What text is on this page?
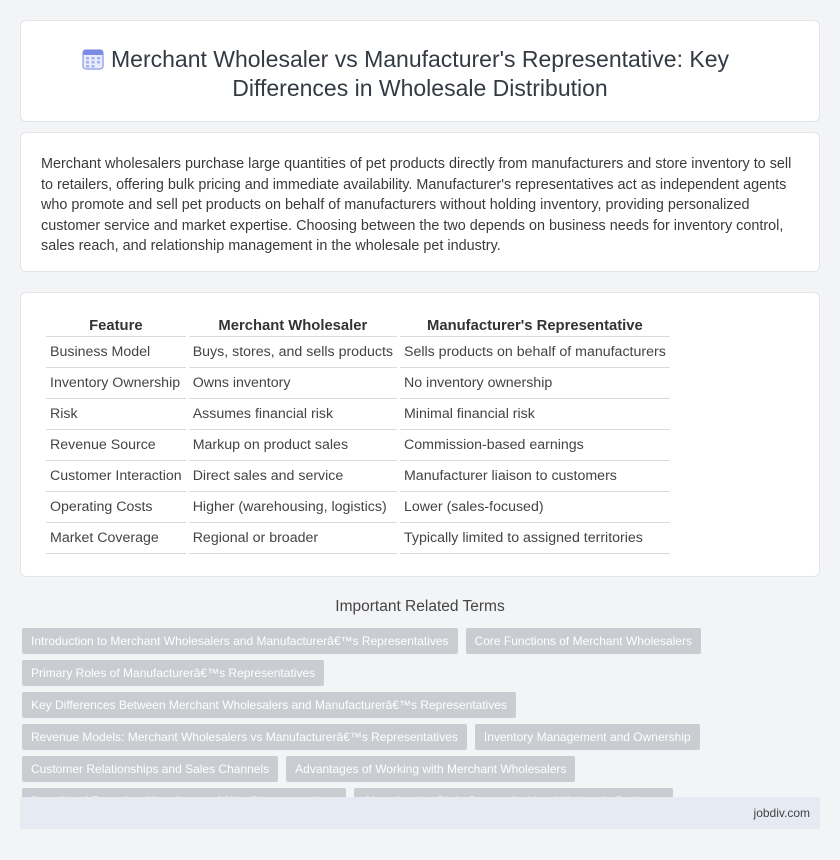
Merchant Wholesaler vs Manufacturer's Representative: Key Differences in Wholesale Distribution

Merchant wholesalers purchase large quantities of pet products directly from manufacturers and store inventory to sell to retailers, offering bulk pricing and immediate availability. Manufacturer's representatives act as independent agents who promote and sell pet products on behalf of manufacturers without holding inventory, providing personalized customer service and market expertise. Choosing between the two depends on business needs for inventory control, sales reach, and relationship management in the wholesale pet industry.

Feature	Merchant Wholesaler	Manufacturer's Representative
Business Model	Buys, stores, and sells products	Sells products on behalf of manufacturers
Inventory Ownership	Owns inventory	No inventory ownership
Risk	Assumes financial risk	Minimal financial risk
Revenue Source	Markup on product sales	Commission-based earnings
Customer Interaction	Direct sales and service	Manufacturer liaison to customers
Operating Costs	Higher (warehousing, logistics)	Lower (sales-focused)
Market Coverage	Regional or broader	Typically limited to assigned territories
Important Related Terms
Introduction to Merchant Wholesalers and Manufacturerâ€™s Representatives	Core Functions of Merchant Wholesalers
Primary Roles of Manufacturerâ€™s Representatives
Key Differences Between Merchant Wholesalers and Manufacturerâ€™s Representatives
Revenue Models: Merchant Wholesalers vs Manufacturerâ€™s Representatives	Inventory Management and Ownership
Customer Relationships and Sales Channels	Advantages of Working with Merchant Wholesalers
jobdiv.com
